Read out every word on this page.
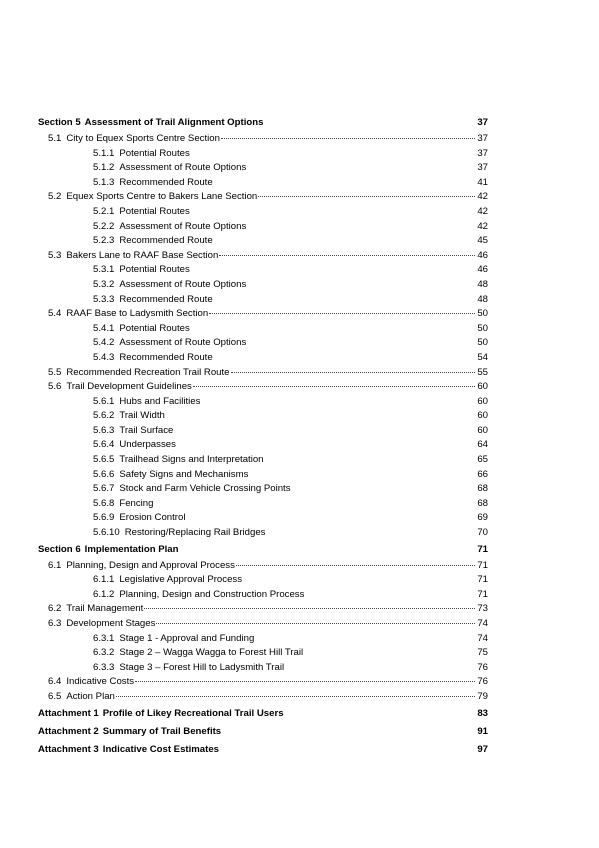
Section 5 Assessment of Trail Alignment Options	37
5.1 City to Equex Sports Centre Section	37
5.1.1 Potential Routes	37
5.1.2 Assessment of Route Options	37
5.1.3 Recommended Route	41
5.2 Equex Sports Centre to Bakers Lane Section	42
5.2.1 Potential Routes	42
5.2.2 Assessment of Route Options	42
5.2.3 Recommended Route	45
5.3 Bakers Lane to RAAF Base Section	46
5.3.1 Potential Routes	46
5.3.2 Assessment of Route Options	48
5.3.3 Recommended Route	48
5.4 RAAF Base to Ladysmith Section	50
5.4.1 Potential Routes	50
5.4.2 Assessment of Route Options	50
5.4.3 Recommended Route	54
5.5 Recommended Recreation Trail Route	55
5.6 Trail Development Guidelines	60
5.6.1 Hubs and Facilities	60
5.6.2 Trail Width	60
5.6.3 Trail Surface	60
5.6.4 Underpasses	64
5.6.5 Trailhead Signs and Interpretation	65
5.6.6 Safety Signs and Mechanisms	66
5.6.7 Stock and Farm Vehicle Crossing Points	68
5.6.8 Fencing	68
5.6.9 Erosion Control	69
5.6.10 Restoring/Replacing Rail Bridges	70
Section 6 Implementation Plan	71
6.1 Planning, Design and Approval Process	71
6.1.1 Legislative Approval Process	71
6.1.2 Planning, Design and Construction Process	71
6.2 Trail Management	73
6.3 Development Stages	74
6.3.1 Stage 1 - Approval and Funding	74
6.3.2 Stage 2 – Wagga Wagga to Forest Hill Trail	75
6.3.3 Stage 3 – Forest Hill to Ladysmith Trail	76
6.4 Indicative Costs	76
6.5 Action Plan	79
Attachment 1 Profile of Likey Recreational Trail Users	83
Attachment 2 Summary of Trail Benefits	91
Attachment 3 Indicative Cost Estimates	97
